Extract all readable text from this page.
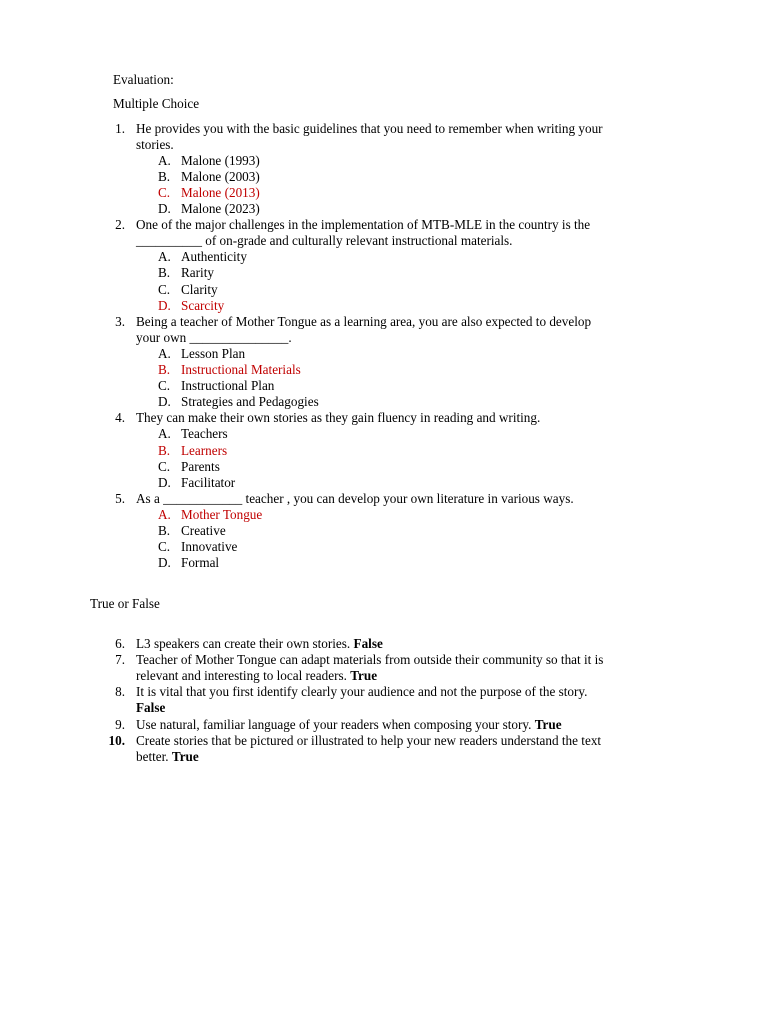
Evaluation:
Multiple Choice
1. He provides you with the basic guidelines that you need to remember when writing your
stories.
A. Malone (1993)
B. Malone (2003)
C. Malone (2013)
D. Malone (2023)
2. One of the major challenges in the implementation of MTB-MLE in the country is the
__________ of on-grade and culturally relevant instructional materials.
A. Authenticity
B. Rarity
C. Clarity
D. Scarcity
3. Being a teacher of Mother Tongue as a learning area, you are also expected to develop
your own _______________.
A. Lesson Plan
B. Instructional Materials
C. Instructional Plan
D. Strategies and Pedagogies
4. They can make their own stories as they gain fluency in reading and writing.
A. Teachers
B. Learners
C. Parents
D. Facilitator
5. As a ____________ teacher , you can develop your own literature in various ways.
A. Mother Tongue
B. Creative
C. Innovative
D. Formal
True or False
6. L3 speakers can create their own stories. False
7. Teacher of Mother Tongue can adapt materials from outside their community so that it is
relevant and interesting to local readers. True
8. It is vital that you first identify clearly your audience and not the purpose of the story.
False
9. Use natural, familiar language of your readers when composing your story. True
10. Create stories that be pictured or illustrated to help your new readers understand the text
better. True
